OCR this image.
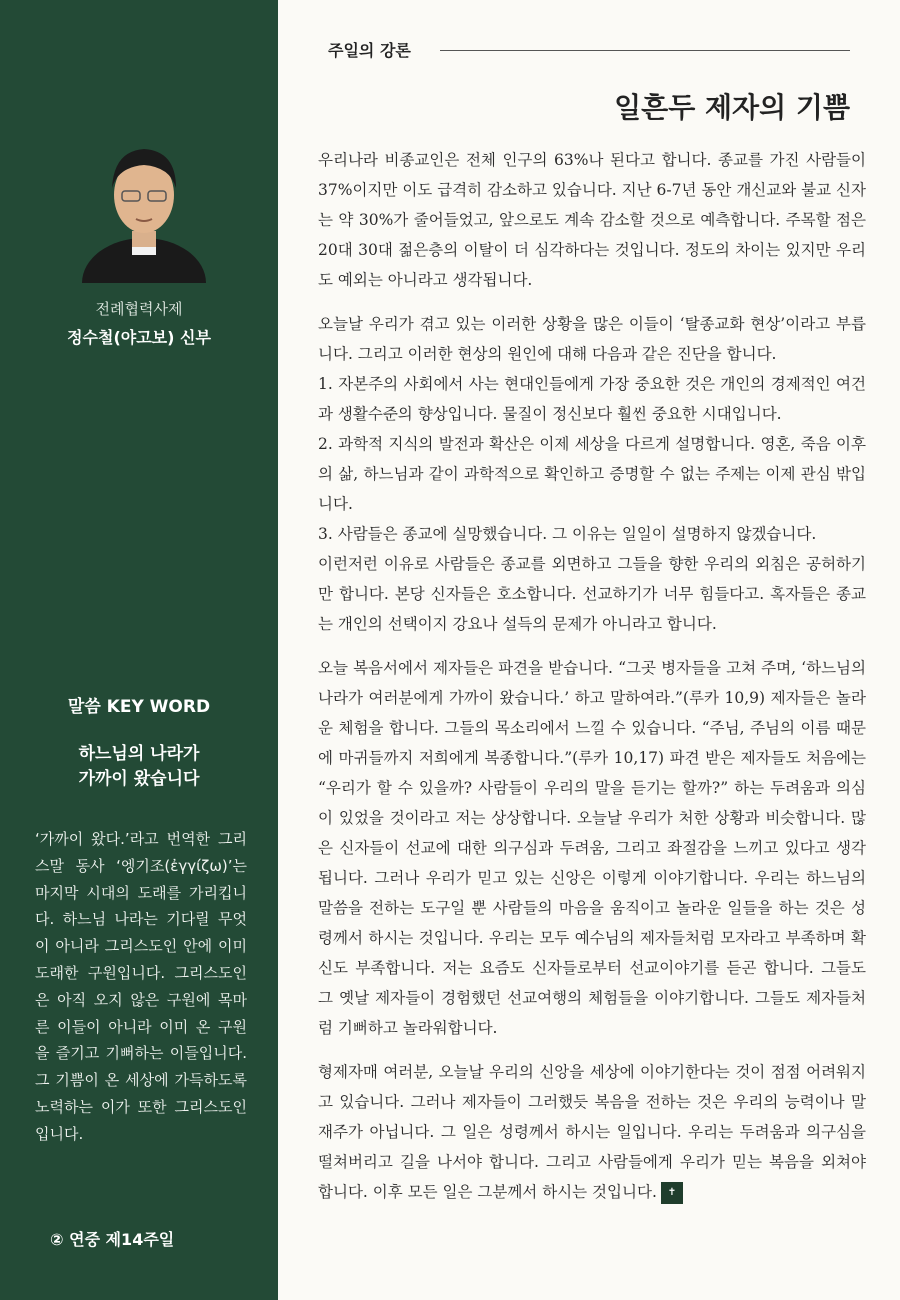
전례협력사제
정수철(야고보) 신부
말씀 KEY WORD
하느님의 나라가
가까이 왔습니다
‘가까이 왔다.’라고 번역한 그리스말 동사 ‘엥기조(ἐγγίζω)’는 마지막 시대의 도래를 가리킵니다. 하느님 나라는 기다릴 무엇이 아니라 그리스도인 안에 이미 도래한 구원입니다. 그리스도인은 아직 오지 않은 구원에 목마른 이들이 아니라 이미 온 구원을 즐기고 기뻐하는 이들입니다. 그 기쁨이 온 세상에 가득하도록 노력하는 이가 또한 그리스도인입니다.
② 연중 제14주일
주일의 강론
일흔두 제자의 기쁨

우리나라 비종교인은 전체 인구의 63%나 된다고 합니다. 종교를 가진 사람들이 37%이지만 이도 급격히 감소하고 있습니다. 지난 6-7년 동안 개신교와 불교 신자는 약 30%가 줄어들었고, 앞으로도 계속 감소할 것으로 예측합니다. 주목할 점은 20대 30대 젊은층의 이탈이 더 심각하다는 것입니다. 정도의 차이는 있지만 우리도 예외는 아니라고 생각됩니다.

오늘날 우리가 겪고 있는 이러한 상황을 많은 이들이 ‘탈종교화 현상’이라고 부릅니다. 그리고 이러한 현상의 원인에 대해 다음과 같은 진단을 합니다.
1. 자본주의 사회에서 사는 현대인들에게 가장 중요한 것은 개인의 경제적인 여건과 생활수준의 향상입니다. 물질이 정신보다 훨씬 중요한 시대입니다.
2. 과학적 지식의 발전과 확산은 이제 세상을 다르게 설명합니다. 영혼, 죽음 이후의 삶, 하느님과 같이 과학적으로 확인하고 증명할 수 없는 주제는 이제 관심 밖입니다.
3. 사람들은 종교에 실망했습니다. 그 이유는 일일이 설명하지 않겠습니다.
이런저런 이유로 사람들은 종교를 외면하고 그들을 향한 우리의 외침은 공허하기만 합니다. 본당 신자들은 호소합니다. 선교하기가 너무 힘들다고. 혹자들은 종교는 개인의 선택이지 강요나 설득의 문제가 아니라고 합니다.

오늘 복음서에서 제자들은 파견을 받습니다. “그곳 병자들을 고쳐 주며, ‘하느님의 나라가 여러분에게 가까이 왔습니다.’ 하고 말하여라.”(루카 10,9) 제자들은 놀라운 체험을 합니다. 그들의 목소리에서 느낄 수 있습니다. “주님, 주님의 이름 때문에 마귀들까지 저희에게 복종합니다.”(루카 10,17) 파견 받은 제자들도 처음에는 “우리가 할 수 있을까? 사람들이 우리의 말을 듣기는 할까?” 하는 두려움과 의심이 있었을 것이라고 저는 상상합니다. 오늘날 우리가 처한 상황과 비슷합니다. 많은 신자들이 선교에 대한 의구심과 두려움, 그리고 좌절감을 느끼고 있다고 생각됩니다. 그러나 우리가 믿고 있는 신앙은 이렇게 이야기합니다. 우리는 하느님의 말씀을 전하는 도구일 뿐 사람들의 마음을 움직이고 놀라운 일들을 하는 것은 성령께서 하시는 것입니다. 우리는 모두 예수님의 제자들처럼 모자라고 부족하며 확신도 부족합니다. 저는 요즘도 신자들로부터 선교이야기를 듣곤 합니다. 그들도 그 옛날 제자들이 경험했던 선교여행의 체험들을 이야기합니다. 그들도 제자들처럼 기뻐하고 놀라워합니다.

형제자매 여러분, 오늘날 우리의 신앙을 세상에 이야기한다는 것이 점점 어려워지고 있습니다. 그러나 제자들이 그러했듯 복음을 전하는 것은 우리의 능력이나 말재주가 아닙니다. 그 일은 성령께서 하시는 일입니다. 우리는 두려움과 의구심을 떨쳐버리고 길을 나서야 합니다. 그리고 사람들에게 우리가 믿는 복음을 외쳐야 합니다. 이후 모든 일은 그분께서 하시는 것입니다. ✝
